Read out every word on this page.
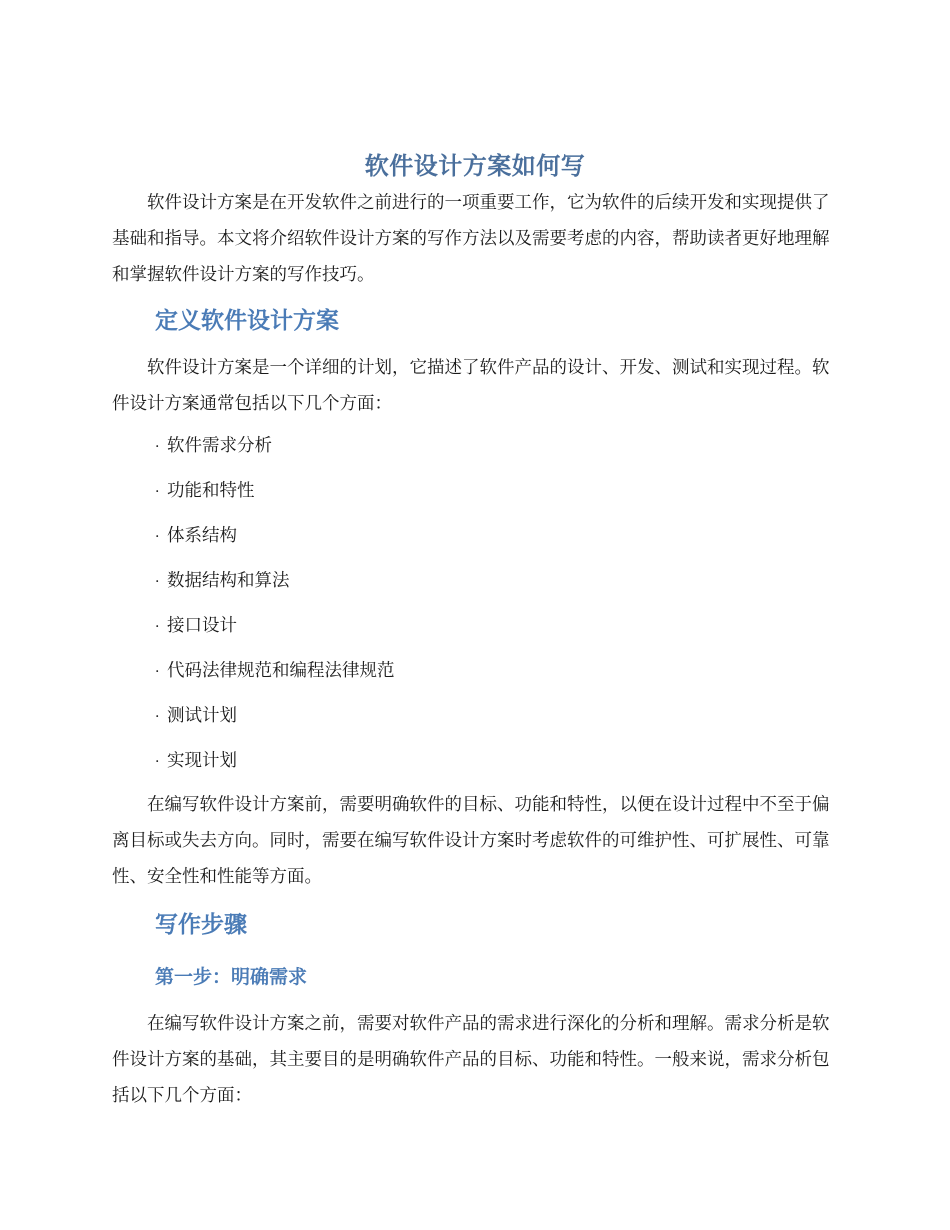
软件设计方案如何写

软件设计方案是在开发软件之前进行的一项重要工作，它为软件的后续开发和实现提供了基础和指导。本文将介绍软件设计方案的写作方法以及需要考虑的内容，帮助读者更好地理解和掌握软件设计方案的写作技巧。

定义软件设计方案

软件设计方案是一个详细的计划，它描述了软件产品的设计、开发、测试和实现过程。软件设计方案通常包括以下几个方面：

· 软件需求分析
· 功能和特性
· 体系结构
· 数据结构和算法
· 接口设计
· 代码法律规范和编程法律规范
· 测试计划
· 实现计划

在编写软件设计方案前，需要明确软件的目标、功能和特性，以便在设计过程中不至于偏离目标或失去方向。同时，需要在编写软件设计方案时考虑软件的可维护性、可扩展性、可靠性、安全性和性能等方面。

写作步骤
第一步：明确需求

在编写软件设计方案之前，需要对软件产品的需求进行深化的分析和理解。需求分析是软件设计方案的基础，其主要目的是明确软件产品的目标、功能和特性。一般来说，需求分析包括以下几个方面：
